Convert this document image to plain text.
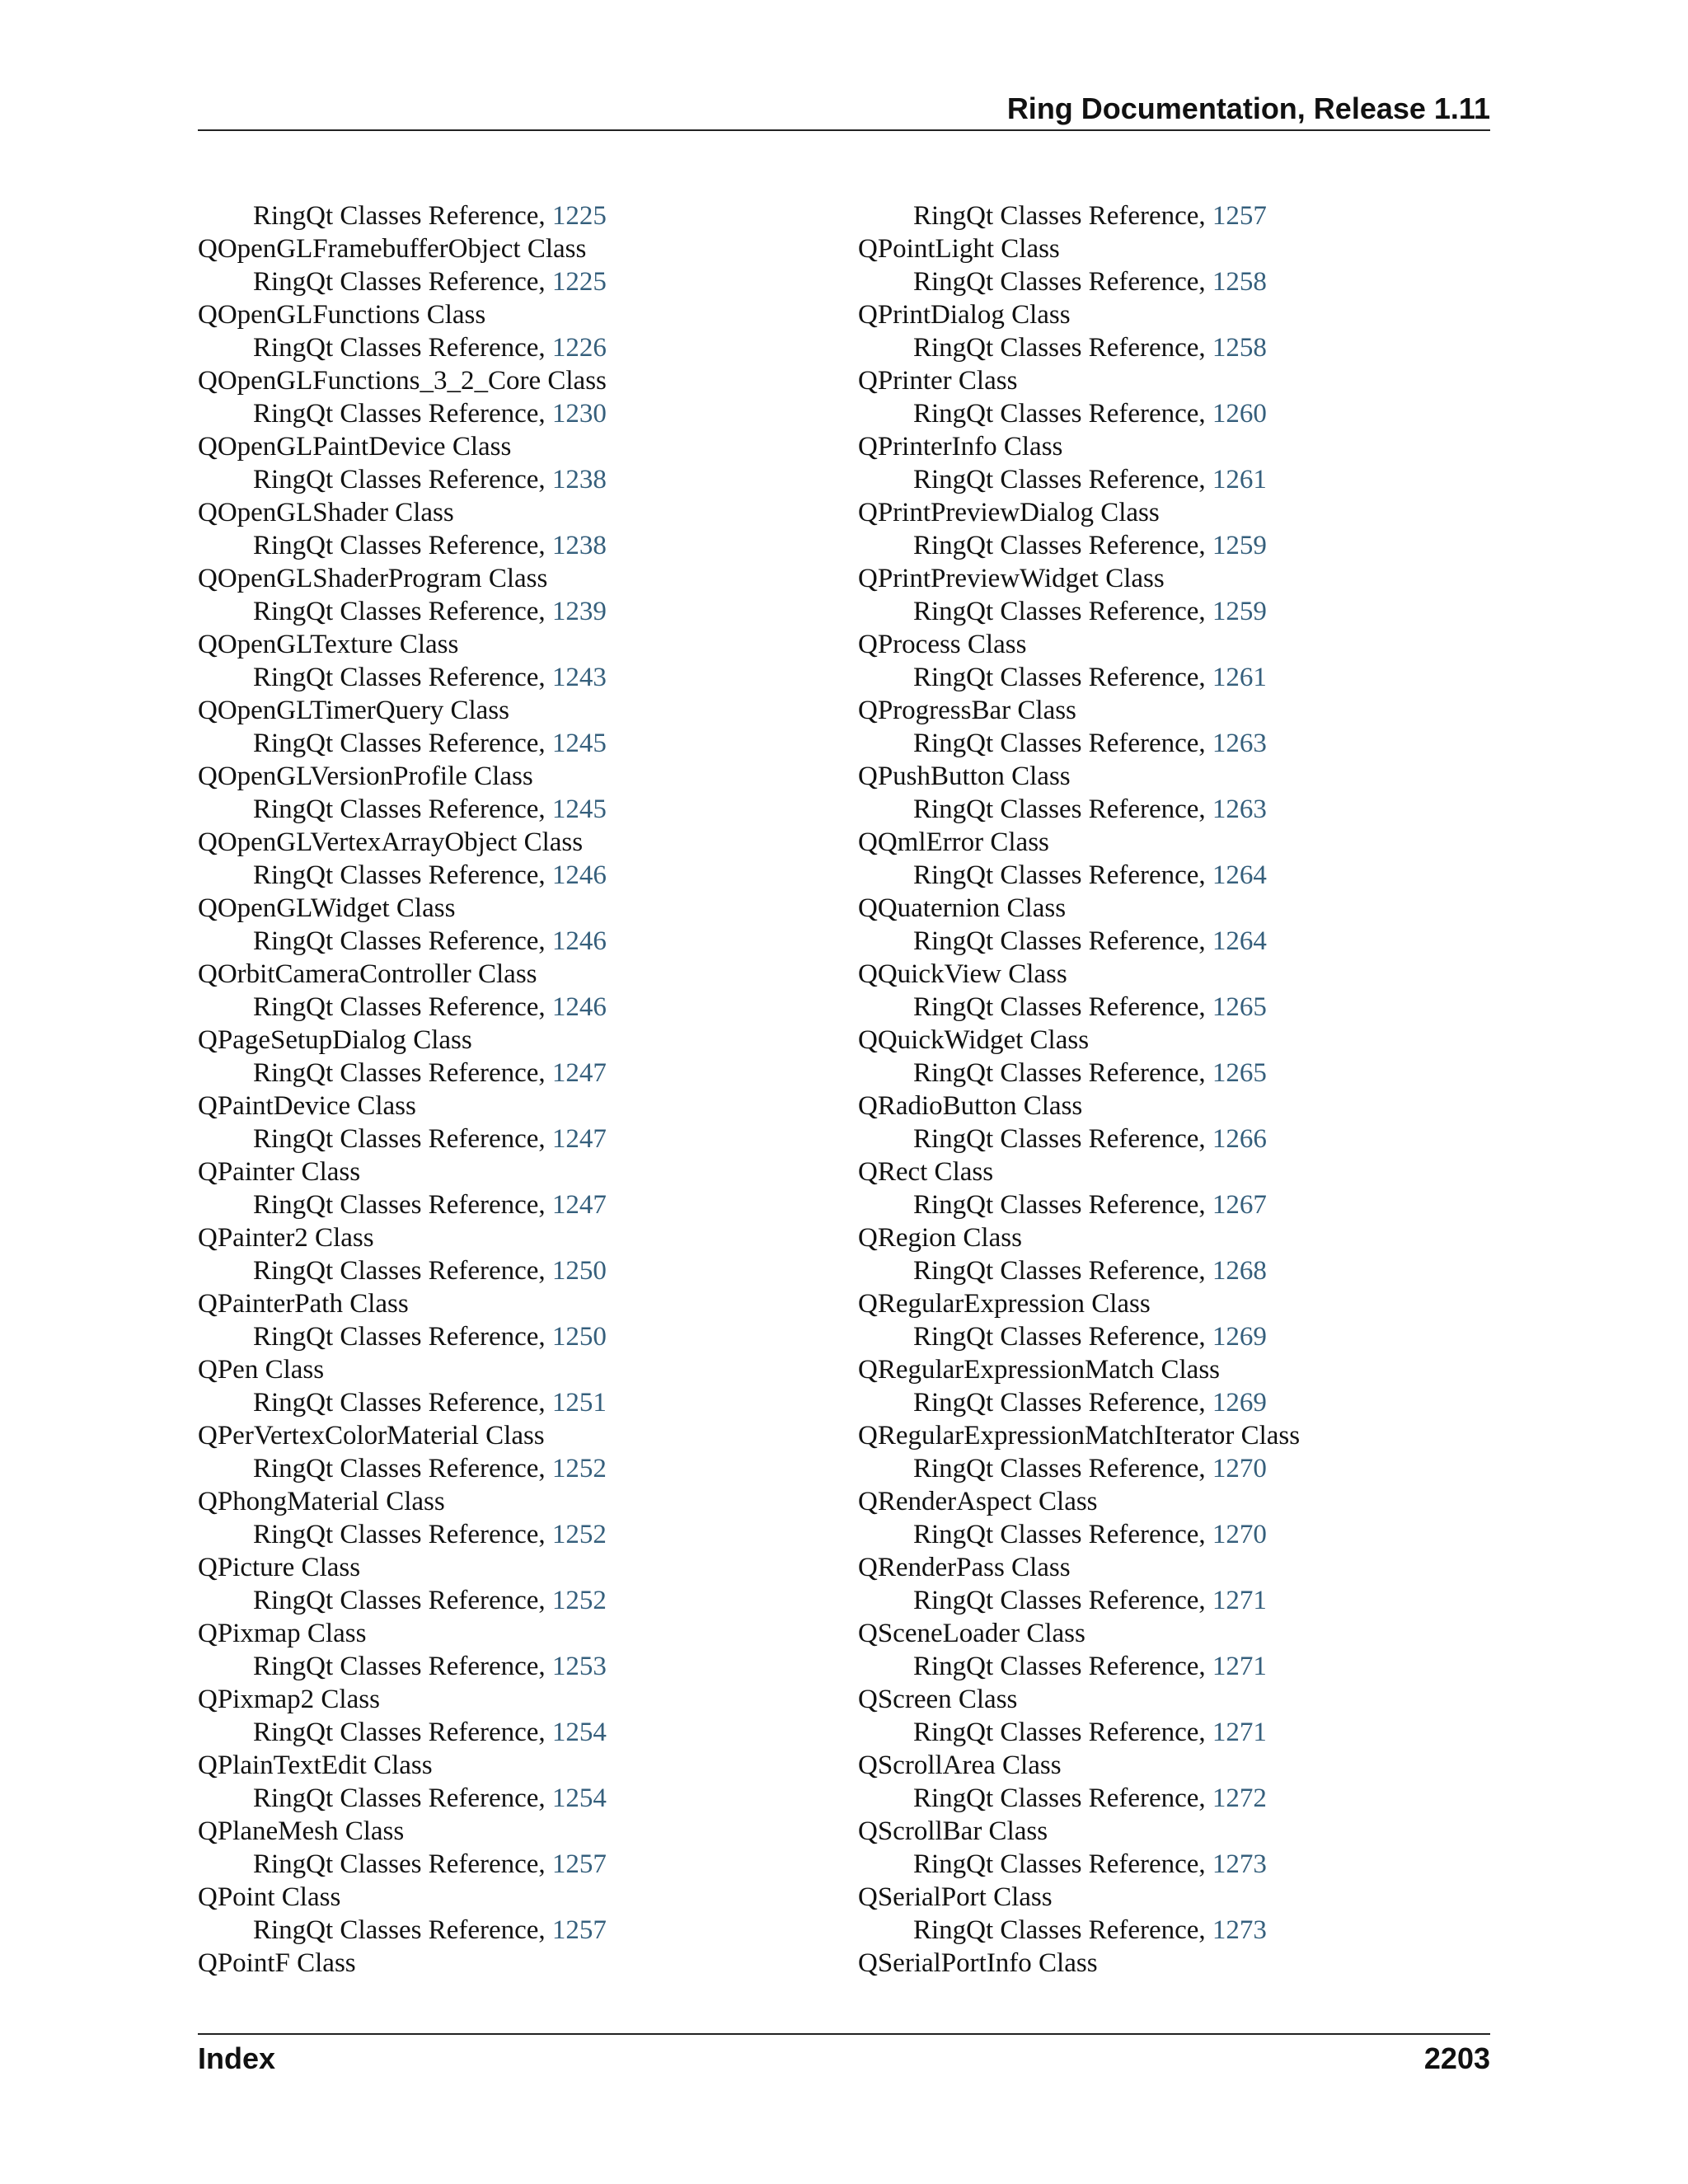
Ring Documentation, Release 1.11
RingQt Classes Reference, 1225
QOpenGLFramebufferObject Class
RingQt Classes Reference, 1225
QOpenGLFunctions Class
RingQt Classes Reference, 1226
QOpenGLFunctions_3_2_Core Class
RingQt Classes Reference, 1230
QOpenGLPaintDevice Class
RingQt Classes Reference, 1238
QOpenGLShader Class
RingQt Classes Reference, 1238
QOpenGLShaderProgram Class
RingQt Classes Reference, 1239
QOpenGLTexture Class
RingQt Classes Reference, 1243
QOpenGLTimerQuery Class
RingQt Classes Reference, 1245
QOpenGLVersionProfile Class
RingQt Classes Reference, 1245
QOpenGLVertexArrayObject Class
RingQt Classes Reference, 1246
QOpenGLWidget Class
RingQt Classes Reference, 1246
QOrbitCameraController Class
RingQt Classes Reference, 1246
QPageSetupDialog Class
RingQt Classes Reference, 1247
QPaintDevice Class
RingQt Classes Reference, 1247
QPainter Class
RingQt Classes Reference, 1247
QPainter2 Class
RingQt Classes Reference, 1250
QPainterPath Class
RingQt Classes Reference, 1250
QPen Class
RingQt Classes Reference, 1251
QPerVertexColorMaterial Class
RingQt Classes Reference, 1252
QPhongMaterial Class
RingQt Classes Reference, 1252
QPicture Class
RingQt Classes Reference, 1252
QPixmap Class
RingQt Classes Reference, 1253
QPixmap2 Class
RingQt Classes Reference, 1254
QPlainTextEdit Class
RingQt Classes Reference, 1254
QPlaneMesh Class
RingQt Classes Reference, 1257
QPoint Class
RingQt Classes Reference, 1257
QPointF Class
RingQt Classes Reference, 1257
QPointLight Class
RingQt Classes Reference, 1258
QPrintDialog Class
RingQt Classes Reference, 1258
QPrinter Class
RingQt Classes Reference, 1260
QPrinterInfo Class
RingQt Classes Reference, 1261
QPrintPreviewDialog Class
RingQt Classes Reference, 1259
QPrintPreviewWidget Class
RingQt Classes Reference, 1259
QProcess Class
RingQt Classes Reference, 1261
QProgressBar Class
RingQt Classes Reference, 1263
QPushButton Class
RingQt Classes Reference, 1263
QQmlError Class
RingQt Classes Reference, 1264
QQuaternion Class
RingQt Classes Reference, 1264
QQuickView Class
RingQt Classes Reference, 1265
QQuickWidget Class
RingQt Classes Reference, 1265
QRadioButton Class
RingQt Classes Reference, 1266
QRect Class
RingQt Classes Reference, 1267
QRegion Class
RingQt Classes Reference, 1268
QRegularExpression Class
RingQt Classes Reference, 1269
QRegularExpressionMatch Class
RingQt Classes Reference, 1269
QRegularExpressionMatchIterator Class
RingQt Classes Reference, 1270
QRenderAspect Class
RingQt Classes Reference, 1270
QRenderPass Class
RingQt Classes Reference, 1271
QSceneLoader Class
RingQt Classes Reference, 1271
QScreen Class
RingQt Classes Reference, 1271
QScrollArea Class
RingQt Classes Reference, 1272
QScrollBar Class
RingQt Classes Reference, 1273
QSerialPort Class
RingQt Classes Reference, 1273
QSerialPortInfo Class
Index	2203
